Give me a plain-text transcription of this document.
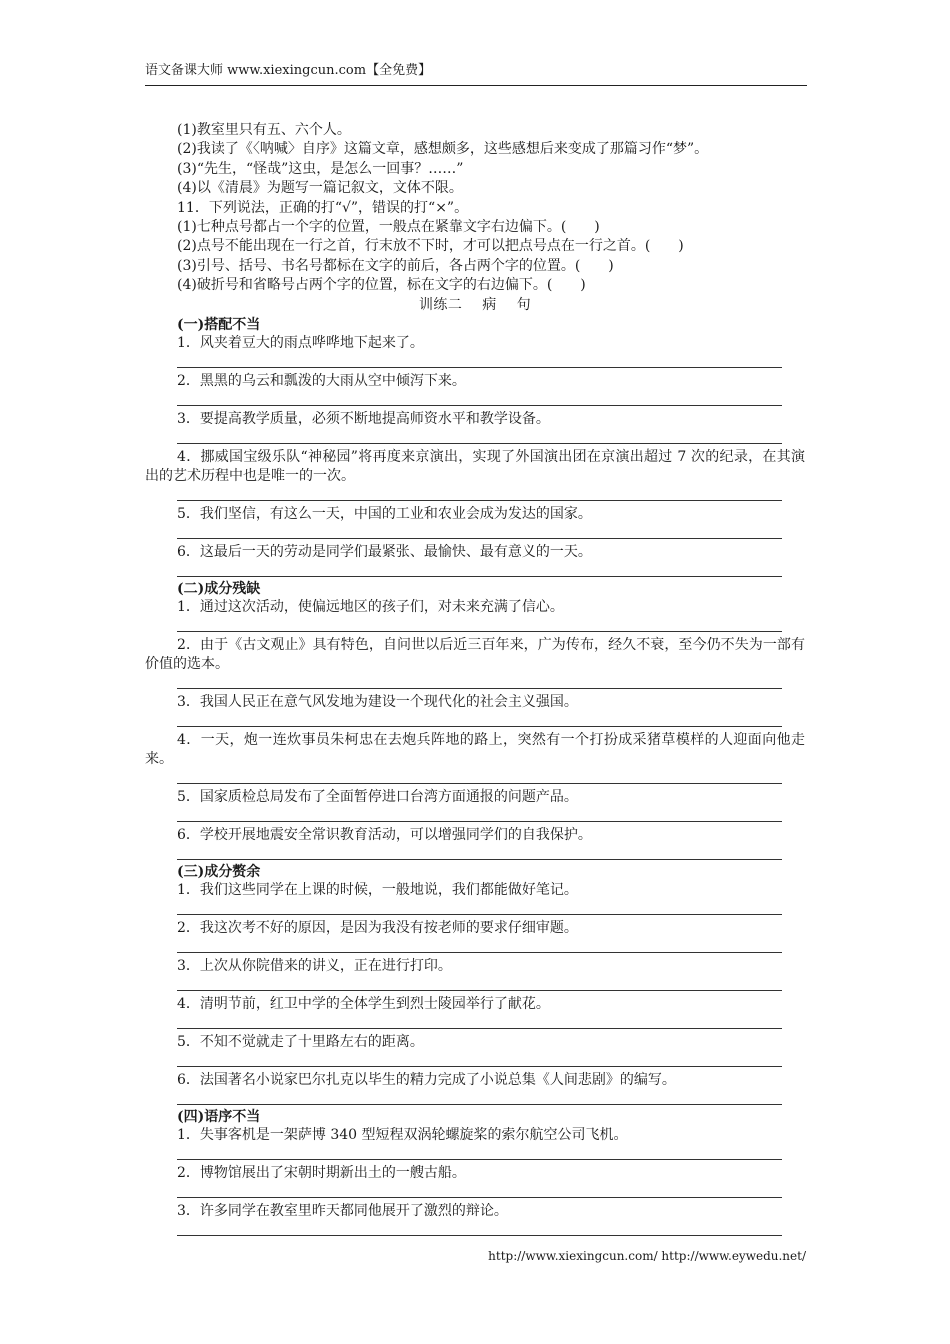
语文备课大师 www.xiexingcun.com【全免费】
(1)教室里只有五、六个人。
(2)我读了《〈呐喊〉自序》这篇文章，感想颇多，这些感想后来变成了那篇习作“梦”。
(3)“先生，“怪哉”这虫，是怎么一回事？……”
(4)以《清晨》为题写一篇记叙文，文体不限。
11．下列说法，正确的打“√”，错误的打“×”。
(1)七种点号都占一个字的位置，一般点在紧靠文字右边偏下。(　　)
(2)点号不能出现在一行之首，行末放不下时，才可以把点号点在一行之首。(　　)
(3)引号、括号、书名号都标在文字的前后，各占两个字的位置。(　　)
(4)破折号和省略号占两个字的位置，标在文字的右边偏下。(　　)
训练二 病 句
(一)搭配不当
1．风夹着豆大的雨点哗哗地下起来了。
2．黑黑的乌云和瓢泼的大雨从空中倾泻下来。
3．要提高教学质量，必须不断地提高师资水平和教学设备。
4．挪威国宝级乐队“神秘园”将再度来京演出，实现了外国演出团在京演出超过 7 次的纪录，在其演出的艺术历程中也是唯一的一次。
5．我们坚信，有这么一天，中国的工业和农业会成为发达的国家。
6．这最后一天的劳动是同学们最紧张、最愉快、最有意义的一天。
(二)成分残缺
1．通过这次活动，使偏远地区的孩子们，对未来充满了信心。
2．由于《古文观止》具有特色，自问世以后近三百年来，广为传布，经久不衰，至今仍不失为一部有价值的选本。
3．我国人民正在意气风发地为建设一个现代化的社会主义强国。
4．一天，炮一连炊事员朱柯忠在去炮兵阵地的路上，突然有一个打扮成采猪草模样的人迎面向他走来。
5．国家质检总局发布了全面暂停进口台湾方面通报的问题产品。
6．学校开展地震安全常识教育活动，可以增强同学们的自我保护。
(三)成分赘余
1．我们这些同学在上课的时候，一般地说，我们都能做好笔记。
2．我这次考不好的原因，是因为我没有按老师的要求仔细审题。
3．上次从你院借来的讲义，正在进行打印。
4．清明节前，红卫中学的全体学生到烈士陵园举行了献花。
5．不知不觉就走了十里路左右的距离。
6．法国著名小说家巴尔扎克以毕生的精力完成了小说总集《人间悲剧》的编写。
(四)语序不当
1．失事客机是一架萨博 340 型短程双涡轮螺旋桨的索尔航空公司飞机。
2．博物馆展出了宋朝时期新出土的一艘古船。
3．许多同学在教室里昨天都同他展开了激烈的辩论。
http://www.xiexingcun.com/ http://www.eywedu.net/
